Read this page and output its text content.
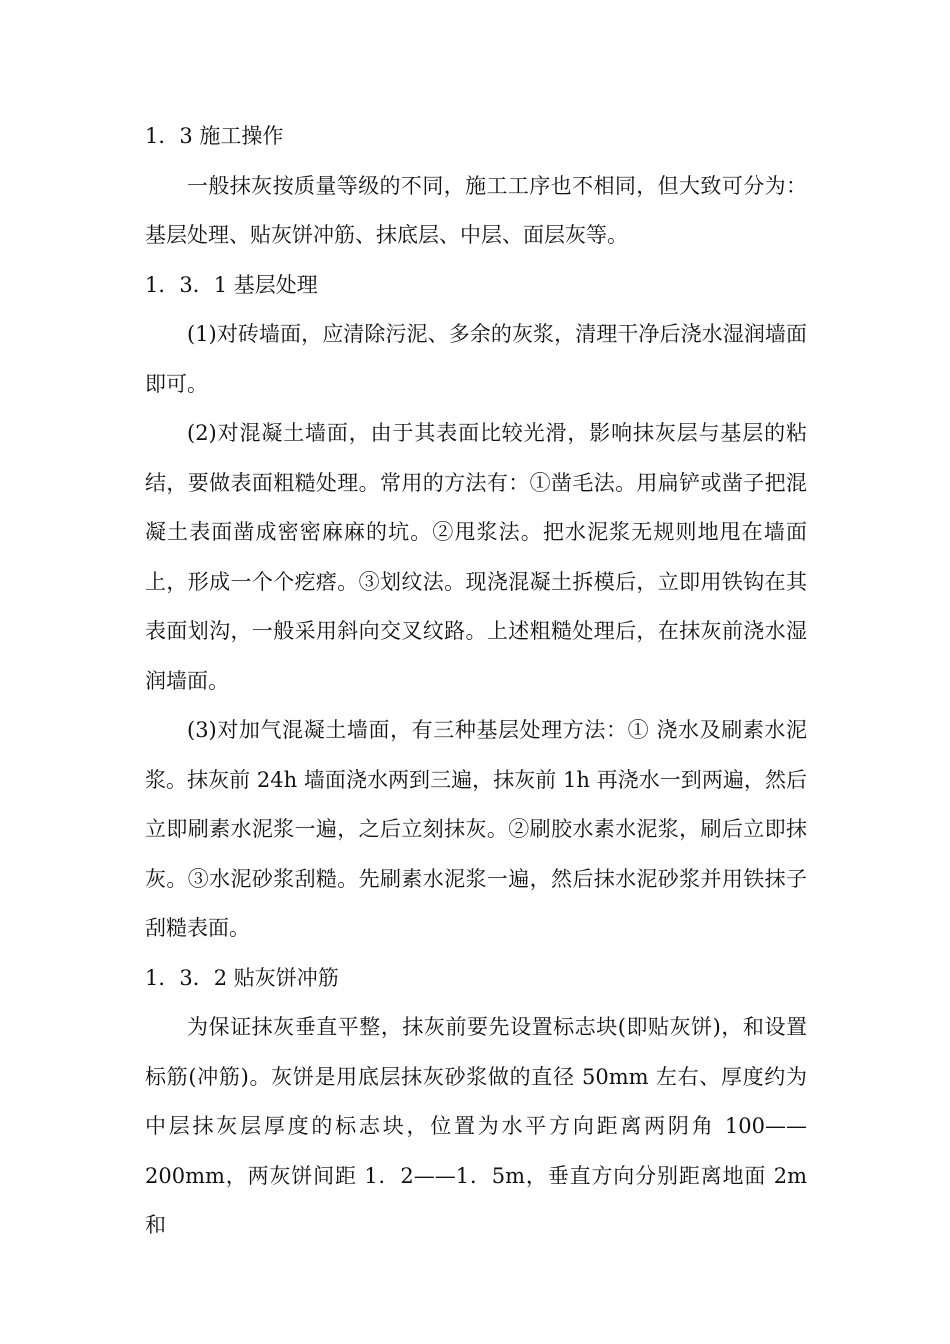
1．3 施工操作

一般抹灰按质量等级的不同，施工工序也不相同，但大致可分为：基层处理、贴灰饼冲筋、抹底层、中层、面层灰等。

1．3．1 基层处理

(1)对砖墙面，应清除污泥、多余的灰浆，清理干净后浇水湿润墙面即可。

(2)对混凝土墙面，由于其表面比较光滑，影响抹灰层与基层的粘结，要做表面粗糙处理。常用的方法有：①凿毛法。用扁铲或凿子把混凝土表面凿成密密麻麻的坑。②甩浆法。把水泥浆无规则地甩在墙面上，形成一个个疙瘩。③划纹法。现浇混凝土拆模后，立即用铁钩在其表面划沟，一般采用斜向交叉纹路。上述粗糙处理后，在抹灰前浇水湿润墙面。

(3)对加气混凝土墙面，有三种基层处理方法：① 浇水及刷素水泥浆。抹灰前 24h 墙面浇水两到三遍，抹灰前 1h 再浇水一到两遍，然后立即刷素水泥浆一遍，之后立刻抹灰。②刷胶水素水泥浆，刷后立即抹灰。③水泥砂浆刮糙。先刷素水泥浆一遍，然后抹水泥砂浆并用铁抹子刮糙表面。

1．3．2 贴灰饼冲筋

为保证抹灰垂直平整，抹灰前要先设置标志块(即贴灰饼)，和设置标筋(冲筋)。灰饼是用底层抹灰砂浆做的直径 50mm 左右、厚度约为中层抹灰层厚度的标志块，位置为水平方向距离两阴角 100——200mm，两灰饼间距 1．2——1．5m，垂直方向分别距离地面 2m 和
